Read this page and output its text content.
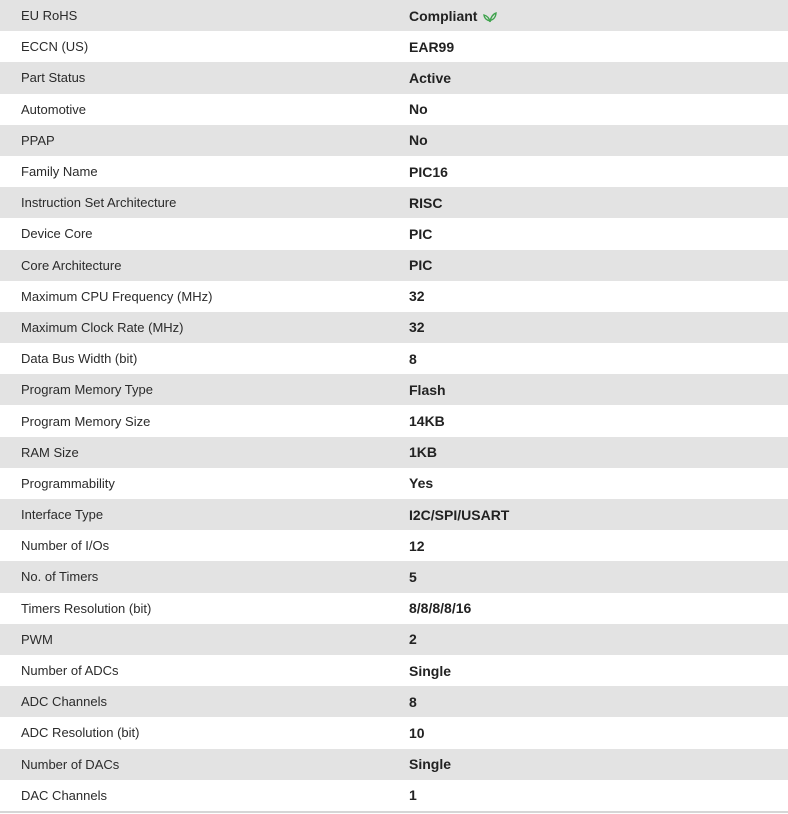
EU RoHS	Compliant
ECCN (US)	EAR99
Part Status	Active
Automotive	No
PPAP	No
Family Name	PIC16
Instruction Set Architecture	RISC
Device Core	PIC
Core Architecture	PIC
Maximum CPU Frequency (MHz)	32
Maximum Clock Rate (MHz)	32
Data Bus Width (bit)	8
Program Memory Type	Flash
Program Memory Size	14KB
RAM Size	1KB
Programmability	Yes
Interface Type	I2C/SPI/USART
Number of I/Os	12
No. of Timers	5
Timers Resolution (bit)	8/8/8/8/16
PWM	2
Number of ADCs	Single
ADC Channels	8
ADC Resolution (bit)	10
Number of DACs	Single
DAC Channels	1
